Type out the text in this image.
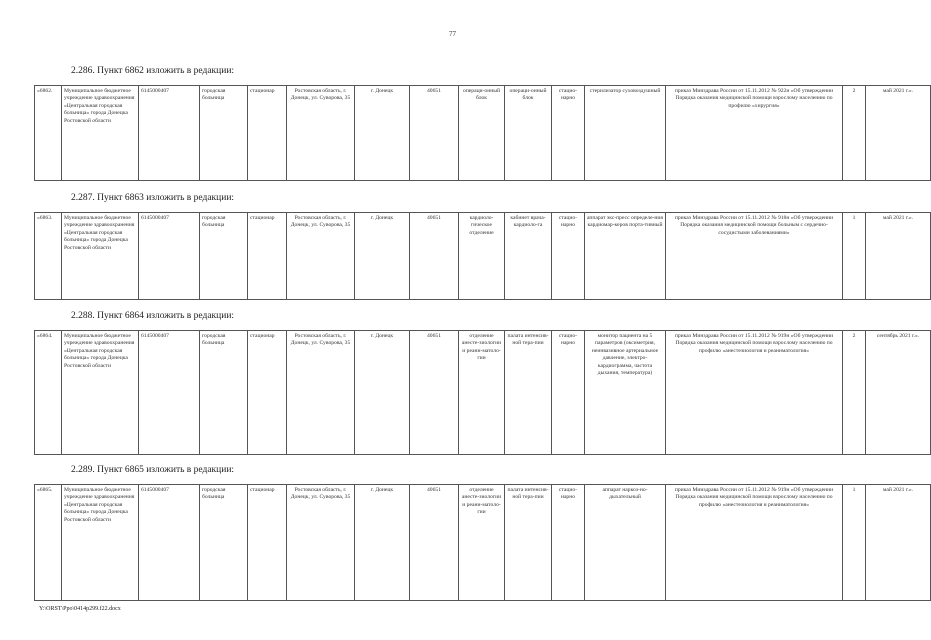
77
2.286. Пункт 6862 изложить в редакции:
«6862.	Муниципальное бюджетное учреждение здравоохранения «Центральная городская больница» города Донецка Ростовской области	6145000407	городская больница	стационар	Ростовская область, г. Донецк, ул. Суворова, 35	г. Донецк	40651	операци-онный блок	операци-онный блок	стацио-нарно	стерилизатор суховоздушный	приказ Минздрава России от 15.11.2012 № 922н «Об утверждении Порядка оказания медицинской помощи взрослому населению по профилю «хирургия»	2	май 2021 г.».
2.287. Пункт 6863 изложить в редакции:
«6863.	Муниципальное бюджетное учреждение здравоохранения «Центральная городская больница» города Донецка Ростовской области	6145000407	городская больница	стационар	Ростовская область, г. Донецк, ул. Суворова, 35	г. Донецк	40651	кардиоло-гическое отделение	кабинет врача-кардиоло-га	стацио-нарно	аппарат экс-пресс определе-ния кардиомар-керов порта-тивный	приказ Минздрава России от 15.11.2012 № 918н «Об утверждении Порядка оказания медицинской помощи больным с сердечно-сосудистыми заболеваниями»	1	май 2021 г.».
2.288. Пункт 6864 изложить в редакции:
«6864.	Муниципальное бюджетное учреждение здравоохранения «Центральная городская больница» города Донецка Ростовской области	6145000407	городская больница	стационар	Ростовская область, г. Донецк, ул. Суворова, 35	г. Донецк	40651	отделение анесте-зиологии и реани-матоло-гии	палата интенсив-ной тера-пии	стацио-нарно	монитор пациента на 5 параметров (оксиметрия, неинвазивное артериальное давление, электро-кардиограмма, частота дыхания, температура)	приказ Минздрава России от 15.11.2012 № 919н «Об утверждении Порядка оказания медицинской помощи взрослому населению по профилю «анестезиология и реаниматология»	2	сентябрь 2021 г.».
2.289. Пункт 6865 изложить в редакции:
«6865.	Муниципальное бюджетное учреждение здравоохранения «Центральная городская больница» города Донецка Ростовской области	6145000407	городская больница	стационар	Ростовская область, г. Донецк, ул. Суворова, 35	г. Донецк	40651	отделение анесте-зиологии и реани-матоло-гии	палата интенсив-ной тера-пии	стацио-нарно	аппарат наркоз-но-дыхательный	приказ Минздрава России от 15.11.2012 № 919н «Об утверждении Порядка оказания медицинской помощи взрослому населению по профилю «анестезиология и реаниматология»	1	май 2021 г.».
Y:\ORST\Ppo\0414p299.f22.docx
